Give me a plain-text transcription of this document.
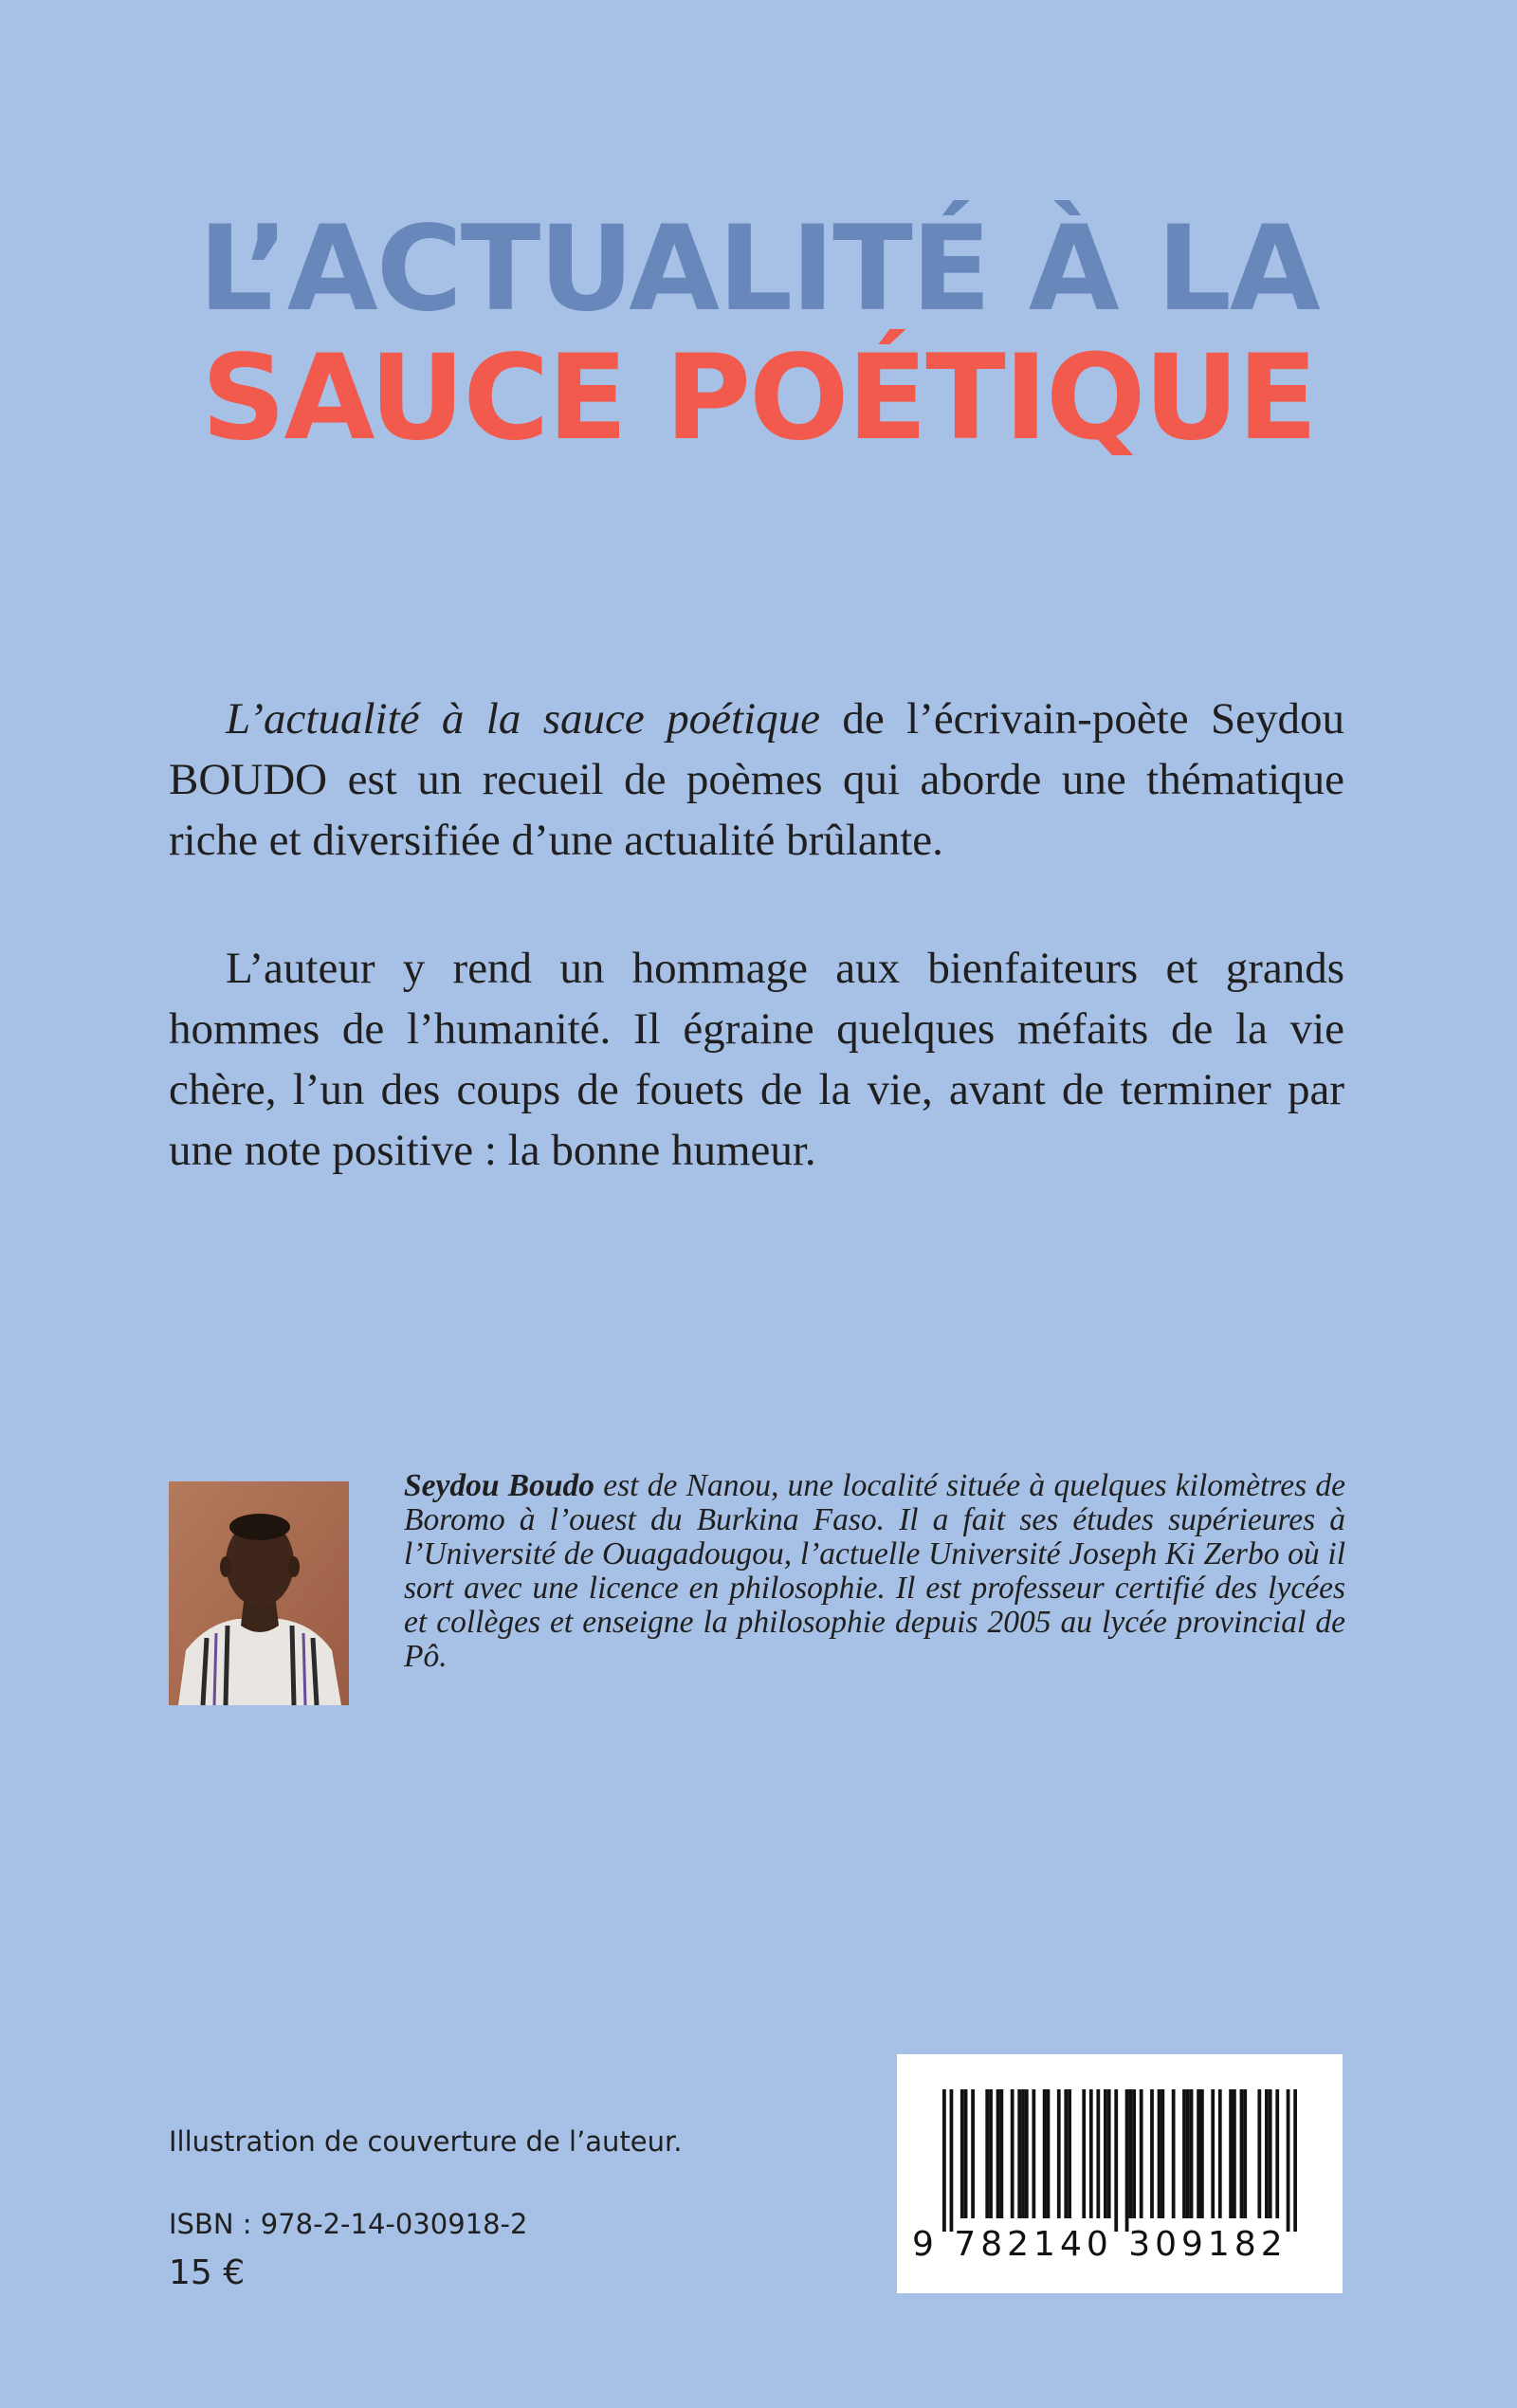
L’ACTUALITÉ À LA
SAUCE POÉTIQUE

L’actualité à la sauce poétique de l’écrivain-poète Seydou BOUDO est un recueil de poèmes qui aborde une thématique riche et diversifiée d’une actualité brûlante.

L’auteur y rend un hommage aux bienfaiteurs et grands hommes de l’humanité. Il égraine quelques méfaits de la vie chère, l’un des coups de fouets de la vie, avant de terminer par une note positive : la bonne humeur.

Seydou Boudo est de Nanou, une localité située à quelques kilomètres de Boromo à l’ouest du Burkina Faso. Il a fait ses études supérieures à l’Université de Ouagadougou, l’actuelle Université Joseph Ki Zerbo où il sort avec une licence en philosophie. Il est professeur certifié des lycées et collèges et enseigne la philosophie depuis 2005 au lycée provincial de Pô.

Illustration de couverture de l’auteur.
ISBN : 978-2-14-030918-2
15 €
9 782140 309182
